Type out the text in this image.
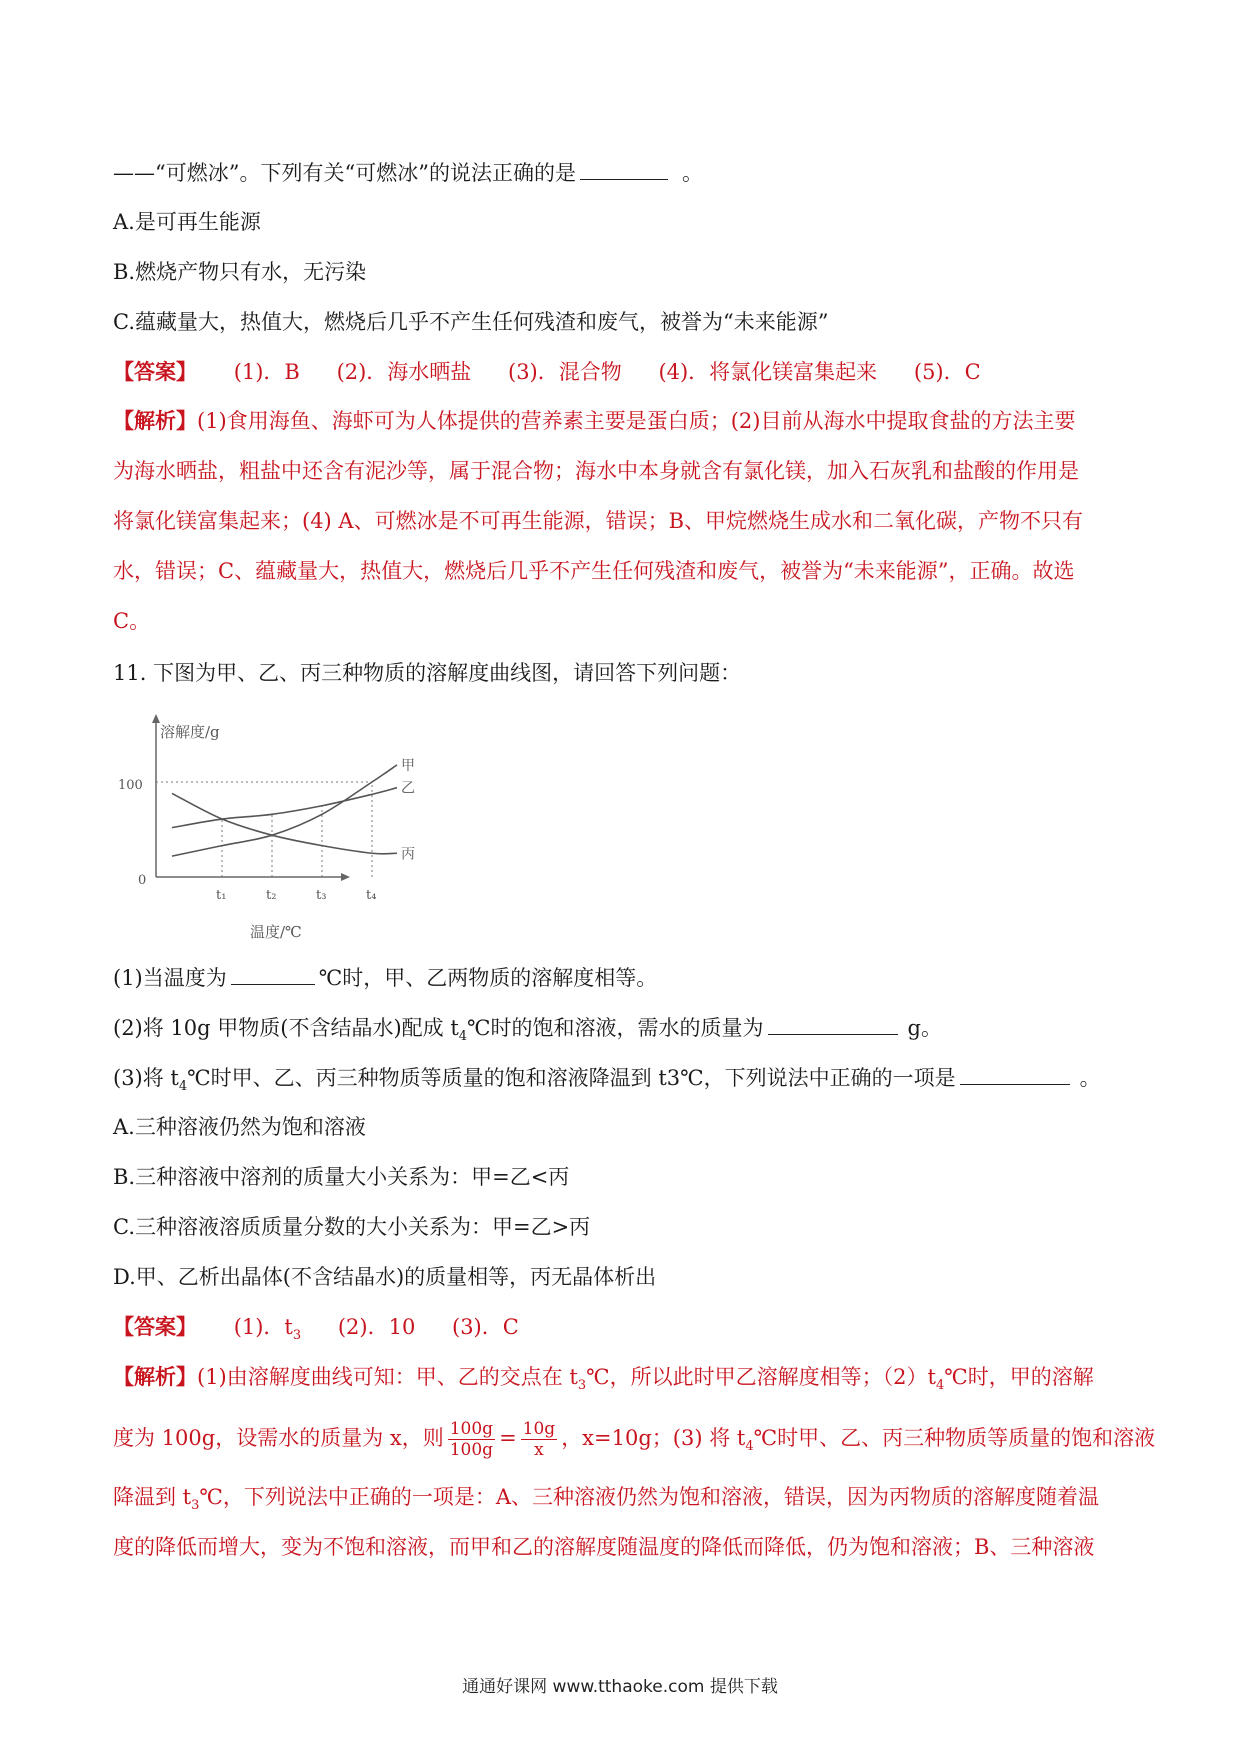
——“可燃冰”。下列有关“可燃冰”的说法正确的是	。
A.是可再生能源
B.燃烧产物只有水，无污染
C.蕴藏量大，热值大，燃烧后几乎不产生任何残渣和废气，被誉为“未来能源”
【答案】 (1)．B (2)．海水晒盐 (3)．混合物 (4)．将氯化镁富集起来 (5)．C
【解析】(1)食用海鱼、海虾可为人体提供的营养素主要是蛋白质；(2)目前从海水中提取食盐的方法主要
为海水晒盐，粗盐中还含有泥沙等，属于混合物；海水中本身就含有氯化镁，加入石灰乳和盐酸的作用是
将氯化镁富集起来；(4) A、可燃冰是不可再生能源，错误；B、甲烷燃烧生成水和二氧化碳，产物不只有
水，错误；C、蕴藏量大，热值大，燃烧后几乎不产生任何残渣和废气，被誉为“未来能源”，正确。故选
C。
11. 下图为甲、乙、丙三种物质的溶解度曲线图，请回答下列问题：
溶解度/g
温度/℃
100
0
t₁	t₂	t₃	t₄
甲
乙
丙
(1)当温度为	℃时，甲、乙两物质的溶解度相等。
(2)将 10g 甲物质(不含结晶水)配成 $t_4℃$时的饱和溶液，需水的质量为	g。
(3)将 $t_4℃$时甲、乙、丙三种物质等质量的饱和溶液降温到 t3℃，下列说法中正确的一项是	。
A.三种溶液仍然为饱和溶液
B.三种溶液中溶剂的质量大小关系为：甲=乙<丙
C.三种溶液溶质质量分数的大小关系为：甲=乙>丙
D.甲、乙析出晶体(不含结晶水)的质量相等，丙无晶体析出
【答案】 (1)．$t_3$ (2)．10 (3)．C
【解析】(1)由溶解度曲线可知：甲、乙的交点在 $t_3℃$，所以此时甲乙溶解度相等；$(2)t_4℃$时，甲的溶解
度为 100g，设需水的质量为 x，则 $\frac{100g}{100g} = \frac{10g}{x}$ ，x=10g；(3) 将 $t_4℃$时甲、乙、丙三种物质等质量的饱和溶液
降温到 $t_3℃$，下列说法中正确的一项是：A、三种溶液仍然为饱和溶液，错误，因为丙物质的溶解度随着温
度的降低而增大，变为不饱和溶液，而甲和乙的溶解度随温度的降低而降低，仍为饱和溶液；B、三种溶液
通通好课网 www.tthaoke.com 提供下载
